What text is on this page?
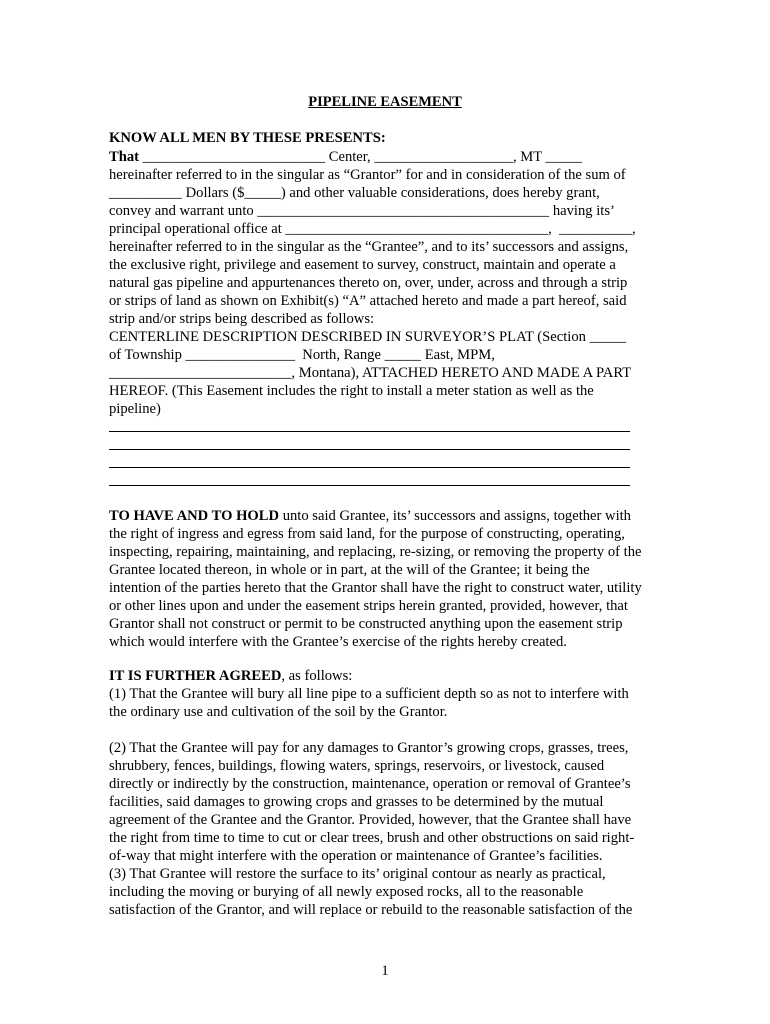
PIPELINE EASEMENT
KNOW ALL MEN BY THESE PRESENTS:
That _________________________ Center, ___________________, MT _____
hereinafter referred to in the singular as “Grantor” for and in consideration of the sum of
__________ Dollars ($_____) and other valuable considerations, does hereby grant,
convey and warrant unto ________________________________________ having its’
principal operational office at ____________________________________,  __________,
hereinafter referred to in the singular as the “Grantee”, and to its’ successors and assigns,
the exclusive right, privilege and easement to survey, construct, maintain and operate a
natural gas pipeline and appurtenances thereto on, over, under, across and through a strip
or strips of land as shown on Exhibit(s) “A” attached hereto and made a part hereof, said
strip and/or strips being described as follows:
CENTERLINE DESCRIPTION DESCRIBED IN SURVEYOR’S PLAT (Section _____
of Township _______________  North, Range _____ East, MPM,
_________________________, Montana), ATTACHED HERETO AND MADE A PART
HEREOF. (This Easement includes the right to install a meter station as well as the
pipeline)
TO HAVE AND TO HOLD unto said Grantee, its’ successors and assigns, together with
the right of ingress and egress from said land, for the purpose of constructing, operating,
inspecting, repairing, maintaining, and replacing, re-sizing, or removing the property of the
Grantee located thereon, in whole or in part, at the will of the Grantee; it being the
intention of the parties hereto that the Grantor shall have the right to construct water, utility
or other lines upon and under the easement strips herein granted, provided, however, that
Grantor shall not construct or permit to be constructed anything upon the easement strip
which would interfere with the Grantee’s exercise of the rights hereby created.
IT IS FURTHER AGREED, as follows:
(1) That the Grantee will bury all line pipe to a sufficient depth so as not to interfere with
the ordinary use and cultivation of the soil by the Grantor.
(2) That the Grantee will pay for any damages to Grantor’s growing crops, grasses, trees,
shrubbery, fences, buildings, flowing waters, springs, reservoirs, or livestock, caused
directly or indirectly by the construction, maintenance, operation or removal of Grantee’s
facilities, said damages to growing crops and grasses to be determined by the mutual
agreement of the Grantee and the Grantor. Provided, however, that the Grantee shall have
the right from time to time to cut or clear trees, brush and other obstructions on said right-
of-way that might interfere with the operation or maintenance of Grantee’s facilities.
(3) That Grantee will restore the surface to its’ original contour as nearly as practical,
including the moving or burying of all newly exposed rocks, all to the reasonable
satisfaction of the Grantor, and will replace or rebuild to the reasonable satisfaction of the
1
